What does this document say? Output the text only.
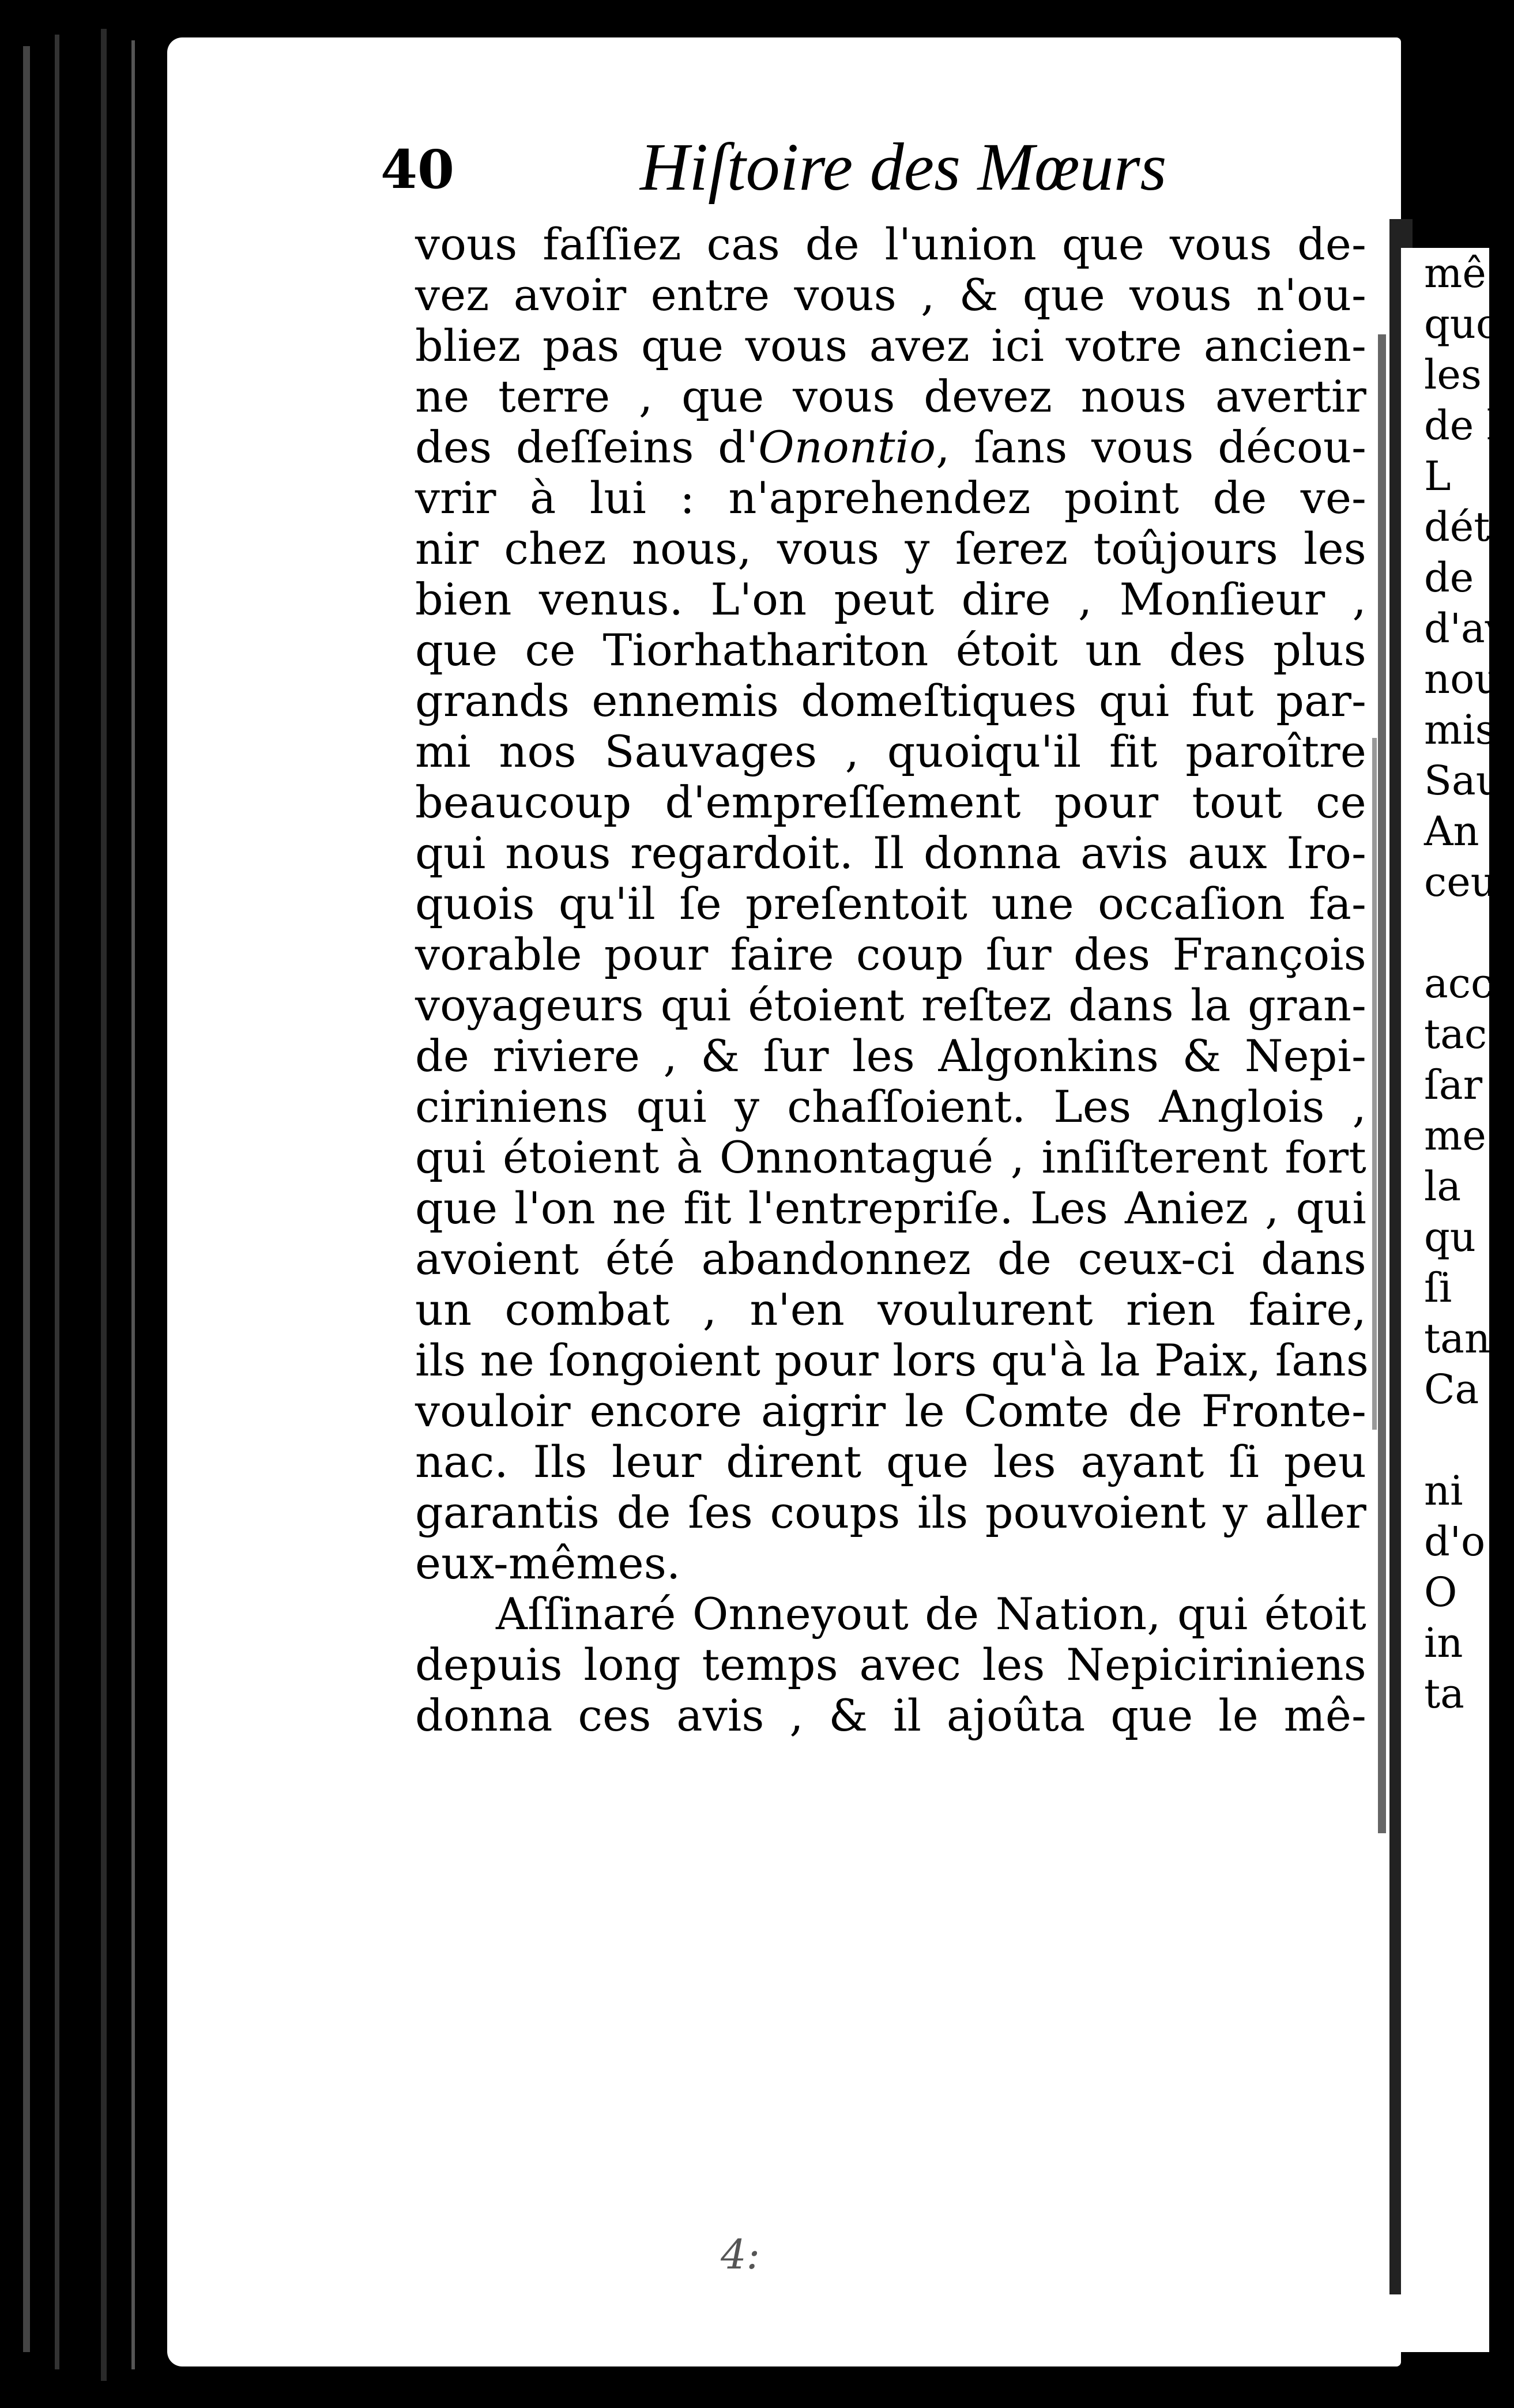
40	Hiſtoire des Mœurs
vous faſſiez cas de l'union que vous de-
vez avoir entre vous , & que vous n'ou-
bliez pas que vous avez ici votre ancien-
ne terre , que vous devez nous avertir
des deſſeins d'Onontio, ſans vous décou-
vrir à lui : n'aprehendez point de ve-
nir chez nous, vous y ſerez toûjours les
bien venus. L'on peut dire , Monſieur ,
que ce Tiorhathariton étoit un des plus
grands ennemis domeſtiques qui fut par-
mi nos Sauvages , quoiqu'il fit paroître
beaucoup d'empreſſement pour tout ce
qui nous regardoit. Il donna avis aux Iro-
quois qu'il ſe preſentoit une occaſion fa-
vorable pour faire coup ſur des François
voyageurs qui étoient reſtez dans la gran-
de riviere , & ſur les Algonkins & Nepi-
ciriniens qui y chaſſoient. Les Anglois ,
qui étoient à Onnontagué , inſiſterent fort
que l'on ne fit l'entrepriſe. Les Aniez , qui
avoient été abandonnez de ceux-ci dans
un combat , n'en voulurent rien faire,
ils ne ſongoient pour lors qu'à la Paix, ſans
vouloir encore aigrir le Comte de Fronte-
nac. Ils leur dirent que les ayant ſi peu
garantis de ſes coups ils pouvoient y aller
eux-mêmes.
Aſſinaré Onneyout de Nation, qui étoit
depuis long temps avec les Nepiciriniens
donna ces avis , & il ajoûta que le mê-
mê
quo
les
de l
L
déta
de
d'av
nou
mis
Sau
An
ceu
acc
tac
ſar
me
la
qu
ſi
tan
Ca
ni
d'o
O
in
ta
4:
